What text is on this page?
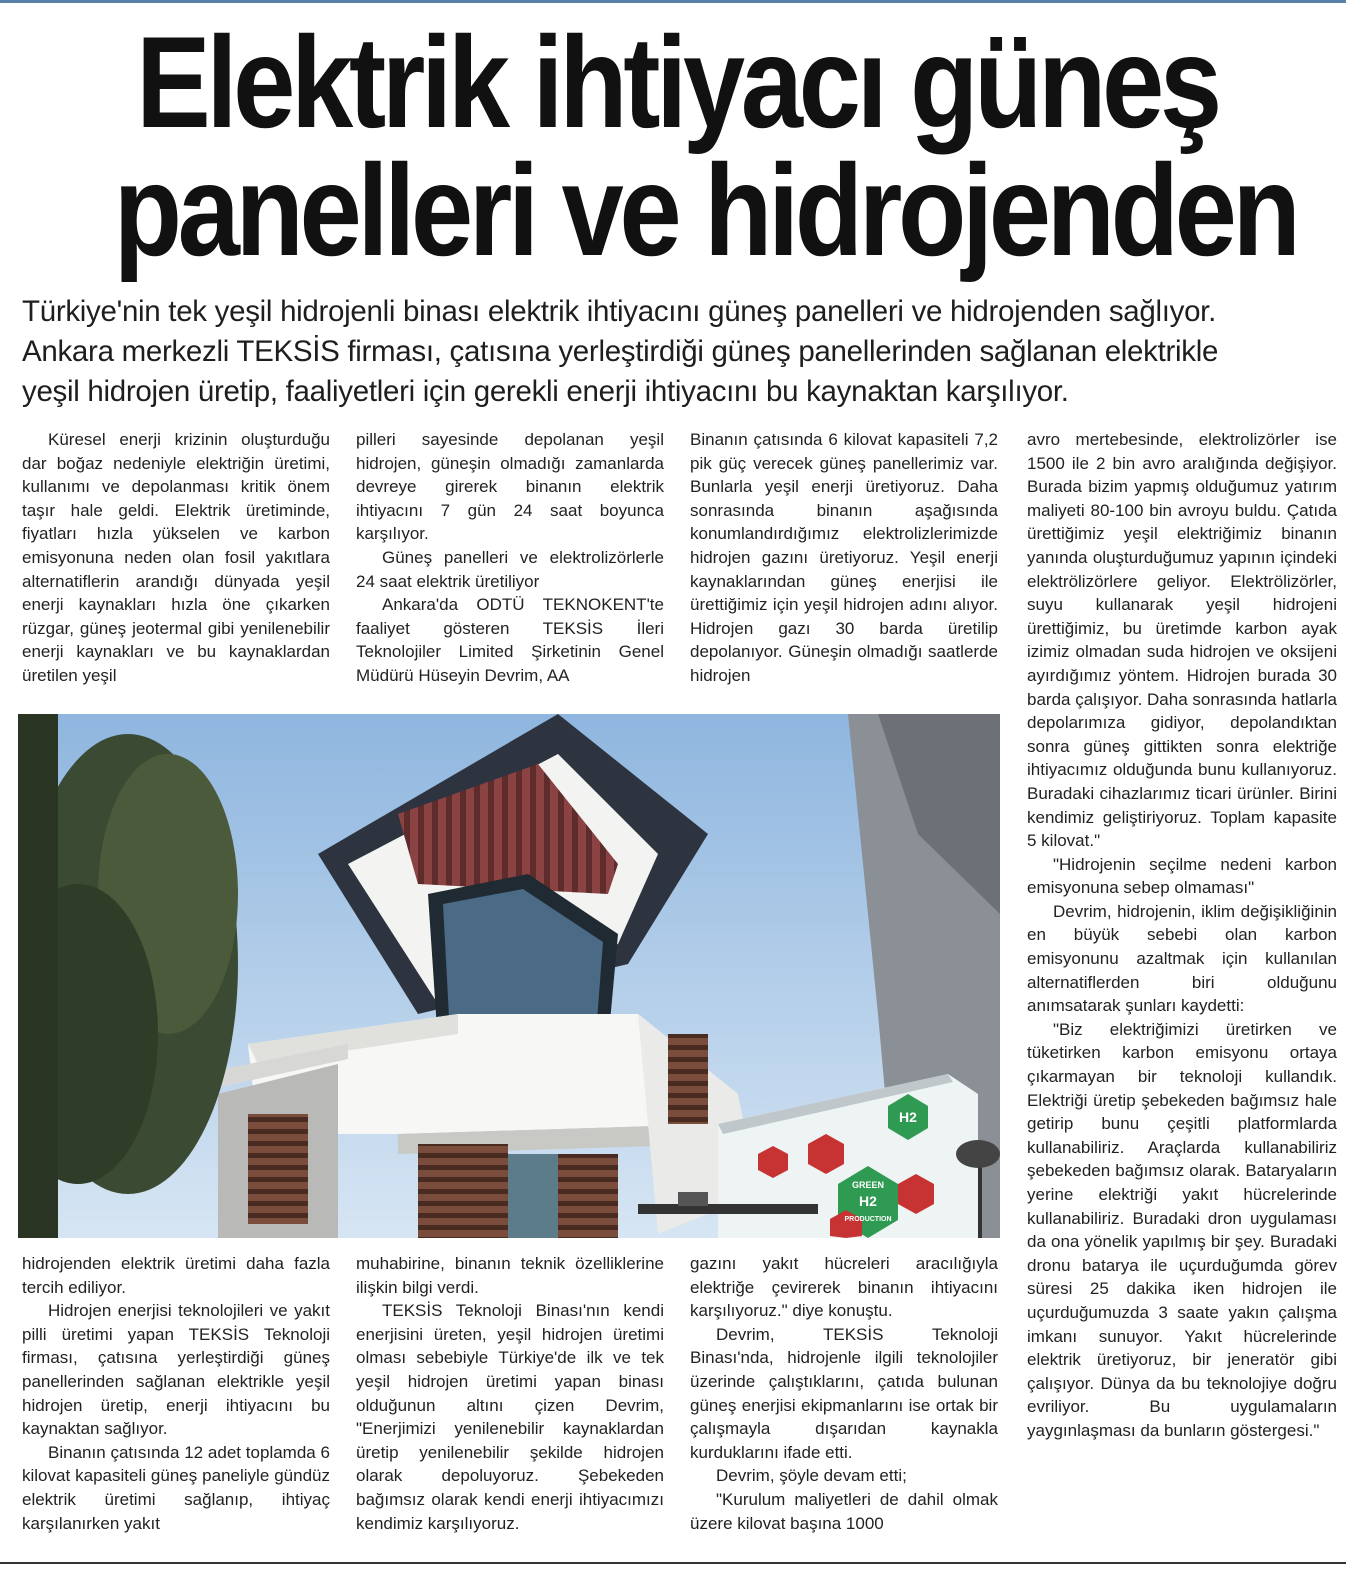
Elektrik ihtiyacı güneş
panelleri ve hidrojenden

Türkiye'nin tek yeşil hidrojenli binası elektrik ihtiyacını güneş panelleri ve hidrojenden sağlıyor.

Ankara merkezli TEKSİS firması, çatısına yerleştirdiği güneş panellerinden sağlanan elektrikle

yeşil hidrojen üretip, faaliyetleri için gerekli enerji ihtiyacını bu kaynaktan karşılıyor.

Küresel enerji krizinin oluşturduğu dar boğaz nedeniyle elektriğin üretimi, kullanımı ve depolanması kritik önem taşır hale geldi. Elektrik üretiminde, fiyatları hızla yükselen ve karbon emisyonuna neden olan fosil yakıtlara alternatiflerin arandığı dünyada yeşil enerji kaynakları hızla öne çıkarken rüzgar, güneş jeotermal gibi yenilenebilir enerji kaynakları ve bu kaynaklardan üretilen yeşil

pilleri sayesinde depolanan yeşil hidrojen, güneşin olmadığı zamanlarda devreye girerek binanın elektrik ihtiyacını 7 gün 24 saat boyunca karşılıyor.

Güneş panelleri ve elektrolizörlerle 24 saat elektrik üretiliyor

Ankara'da ODTÜ TEKNOKENT'te faaliyet gösteren TEKSİS İleri Teknolojiler Limited Şirketinin Genel Müdürü Hüseyin Devrim, AA

Binanın çatısında 6 kilovat kapasiteli 7,2 pik güç verecek güneş panellerimiz var. Bunlarla yeşil enerji üretiyoruz. Daha sonrasında binanın aşağısında konumlandırdığımız elektrolizlerimizde hidrojen gazını üretiyoruz. Yeşil enerji kaynaklarından güneş enerjisi ile ürettiğimiz için yeşil hidrojen adını alıyor. Hidrojen gazı 30 barda üretilip depolanıyor. Güneşin olmadığı saatlerde hidrojen

avro mertebesinde, elektrolizörler ise 1500 ile 2 bin avro aralığında değişiyor. Burada bizim yapmış olduğumuz yatırım maliyeti 80-100 bin avroyu buldu. Çatıda ürettiğimiz yeşil elektriğimiz binanın yanında oluşturduğumuz yapının içindeki elektrölizörlere geliyor. Elektrölizörler, suyu kullanarak yeşil hidrojeni ürettiğimiz, bu üretimde karbon ayak izimiz olmadan suda hidrojen ve oksijeni ayırdığımız yöntem. Hidrojen burada 30 barda çalışıyor. Daha sonrasında hatlarla depolarımıza gidiyor, depolandıktan sonra güneş gittikten sonra elektriğe ihtiyacımız olduğunda bunu kullanıyoruz. Buradaki cihazlarımız ticari ürünler. Birini kendimiz geliştiriyoruz. Toplam kapasite 5 kilovat."

"Hidrojenin seçilme nedeni karbon emisyonuna sebep olmaması"

Devrim, hidrojenin, iklim değişikliğinin en büyük sebebi olan karbon emisyonunu azaltmak için kullanılan alternatiflerden biri olduğunu anımsatarak şunları kaydetti:

"Biz elektriğimizi üretirken ve tüketirken karbon emisyonu ortaya çıkarmayan bir teknoloji kullandık. Elektriği üretip şebekeden bağımsız hale getirip bunu çeşitli platformlarda kullanabiliriz. Araçlarda kullanabiliriz şebekeden bağımsız olarak. Bataryaların yerine elektriği yakıt hücrelerinde kullanabiliriz. Buradaki dron uygulaması da ona yönelik yapılmış bir şey. Buradaki dronu batarya ile uçurduğumda görev süresi 25 dakika iken hidrojen ile uçurduğumuzda 3 saate yakın çalışma imkanı sunuyor. Yakıt hücrelerinde elektrik üretiyoruz, bir jeneratör gibi çalışıyor. Dünya da bu teknolojiye doğru evriliyor. Bu uygulamaların yaygınlaşması da bunların göstergesi."

GREEN
H2
PRODUCTION
H2

hidrojenden elektrik üretimi daha fazla tercih ediliyor.

Hidrojen enerjisi teknolojileri ve yakıt pilli üretimi yapan TEKSİS Teknoloji firması, çatısına yerleştirdiği güneş panellerinden sağlanan elektrikle yeşil hidrojen üretip, enerji ihtiyacını bu kaynaktan sağlıyor.

Binanın çatısında 12 adet toplamda 6 kilovat kapasiteli güneş paneliyle gündüz elektrik üretimi sağlanıp, ihtiyaç karşılanırken yakıt

muhabirine, binanın teknik özelliklerine ilişkin bilgi verdi.

TEKSİS Teknoloji Binası'nın kendi enerjisini üreten, yeşil hidrojen üretimi olması sebebiyle Türkiye'de ilk ve tek yeşil hidrojen üretimi yapan binası olduğunun altını çizen Devrim, "Enerjimizi yenilenebilir kaynaklardan üretip yenilenebilir şekilde hidrojen olarak depoluyoruz. Şebekeden bağımsız olarak kendi enerji ihtiyacımızı kendimiz karşılıyoruz.

gazını yakıt hücreleri aracılığıyla elektriğe çevirerek binanın ihtiyacını karşılıyoruz." diye konuştu.

Devrim, TEKSİS Teknoloji Binası'nda, hidrojenle ilgili teknolojiler üzerinde çalıştıklarını, çatıda bulunan güneş enerjisi ekipmanlarını ise ortak bir çalışmayla dışarıdan kaynakla kurduklarını ifade etti.

Devrim, şöyle devam etti;

"Kurulum maliyetleri de dahil olmak üzere kilovat başına 1000
